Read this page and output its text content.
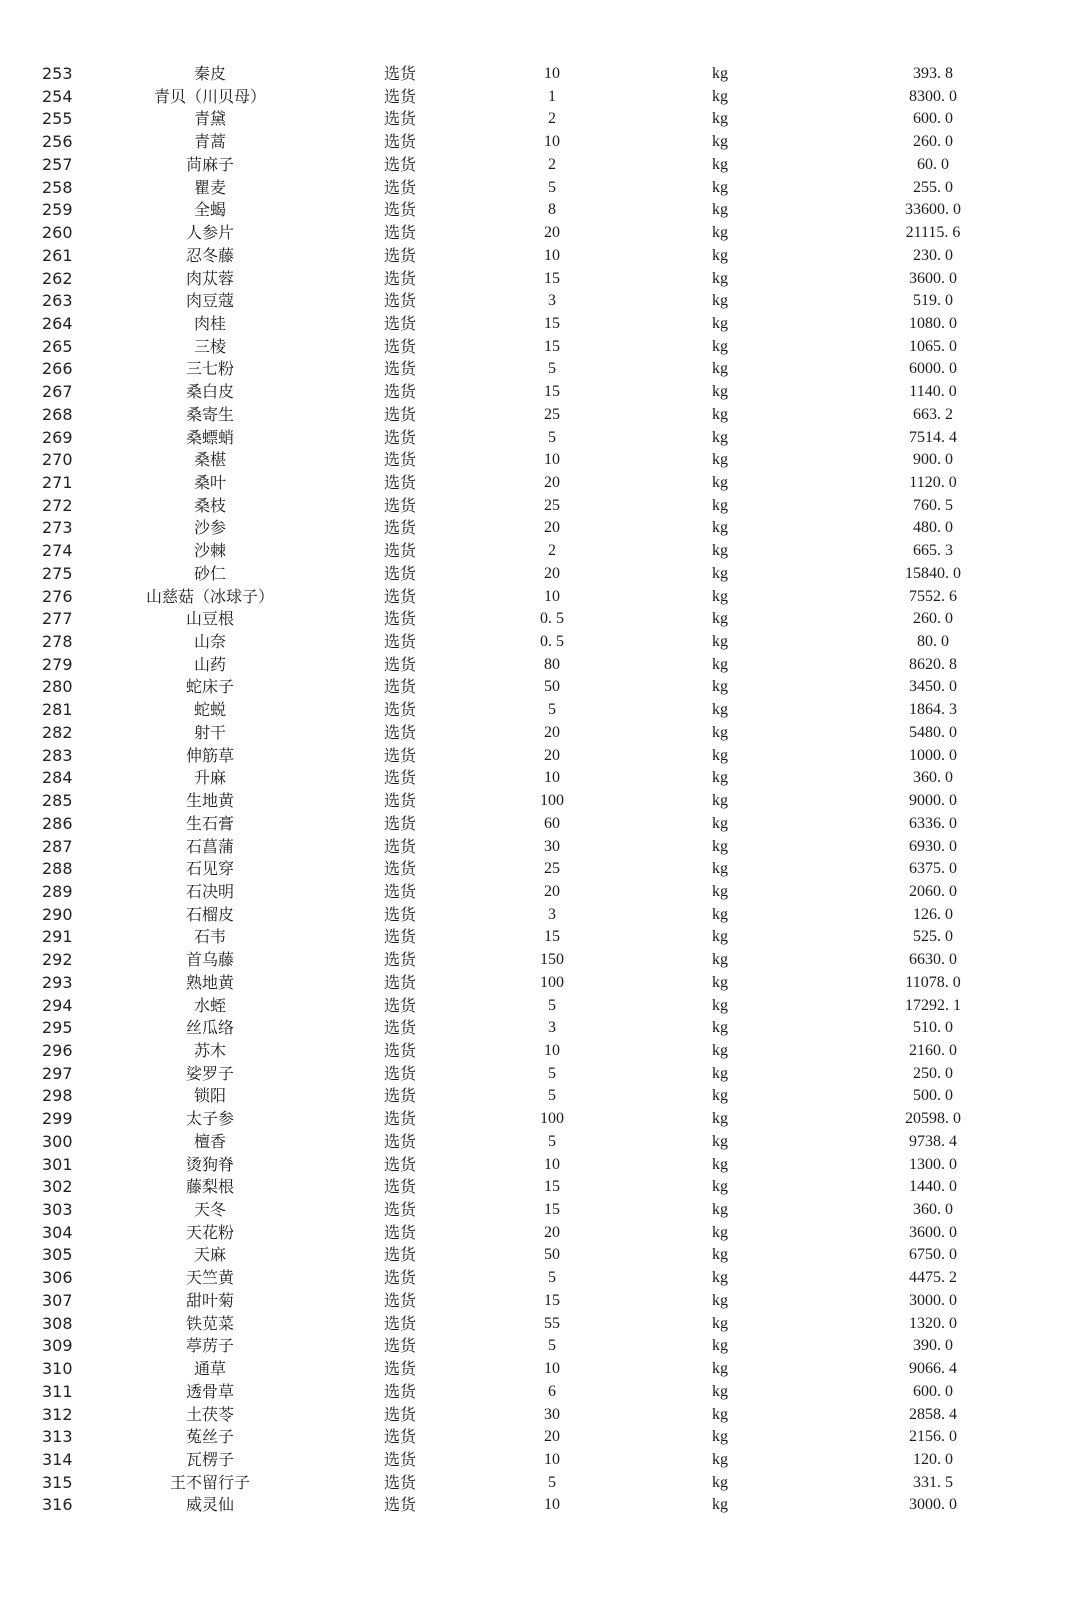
253	秦皮	选货	10	kg	393. 8
254	青贝（川贝母）	选货	1	kg	8300. 0
255	青黛	选货	2	kg	600. 0
256	青蒿	选货	10	kg	260. 0
257	苘麻子	选货	2	kg	60. 0
258	瞿麦	选货	5	kg	255. 0
259	全蝎	选货	8	kg	33600. 0
260	人参片	选货	20	kg	21115. 6
261	忍冬藤	选货	10	kg	230. 0
262	肉苁蓉	选货	15	kg	3600. 0
263	肉豆蔻	选货	3	kg	519. 0
264	肉桂	选货	15	kg	1080. 0
265	三棱	选货	15	kg	1065. 0
266	三七粉	选货	5	kg	6000. 0
267	桑白皮	选货	15	kg	1140. 0
268	桑寄生	选货	25	kg	663. 2
269	桑螵蛸	选货	5	kg	7514. 4
270	桑椹	选货	10	kg	900. 0
271	桑叶	选货	20	kg	1120. 0
272	桑枝	选货	25	kg	760. 5
273	沙参	选货	20	kg	480. 0
274	沙棘	选货	2	kg	665. 3
275	砂仁	选货	20	kg	15840. 0
276	山慈菇（冰球子）	选货	10	kg	7552. 6
277	山豆根	选货	0. 5	kg	260. 0
278	山奈	选货	0. 5	kg	80. 0
279	山药	选货	80	kg	8620. 8
280	蛇床子	选货	50	kg	3450. 0
281	蛇蜕	选货	5	kg	1864. 3
282	射干	选货	20	kg	5480. 0
283	伸筋草	选货	20	kg	1000. 0
284	升麻	选货	10	kg	360. 0
285	生地黄	选货	100	kg	9000. 0
286	生石膏	选货	60	kg	6336. 0
287	石菖蒲	选货	30	kg	6930. 0
288	石见穿	选货	25	kg	6375. 0
289	石决明	选货	20	kg	2060. 0
290	石榴皮	选货	3	kg	126. 0
291	石韦	选货	15	kg	525. 0
292	首乌藤	选货	150	kg	6630. 0
293	熟地黄	选货	100	kg	11078. 0
294	水蛭	选货	5	kg	17292. 1
295	丝瓜络	选货	3	kg	510. 0
296	苏木	选货	10	kg	2160. 0
297	娑罗子	选货	5	kg	250. 0
298	锁阳	选货	5	kg	500. 0
299	太子参	选货	100	kg	20598. 0
300	檀香	选货	5	kg	9738. 4
301	烫狗脊	选货	10	kg	1300. 0
302	藤梨根	选货	15	kg	1440. 0
303	天冬	选货	15	kg	360. 0
304	天花粉	选货	20	kg	3600. 0
305	天麻	选货	50	kg	6750. 0
306	天竺黄	选货	5	kg	4475. 2
307	甜叶菊	选货	15	kg	3000. 0
308	铁苋菜	选货	55	kg	1320. 0
309	葶苈子	选货	5	kg	390. 0
310	通草	选货	10	kg	9066. 4
311	透骨草	选货	6	kg	600. 0
312	土茯苓	选货	30	kg	2858. 4
313	菟丝子	选货	20	kg	2156. 0
314	瓦楞子	选货	10	kg	120. 0
315	王不留行子	选货	5	kg	331. 5
316	威灵仙	选货	10	kg	3000. 0
